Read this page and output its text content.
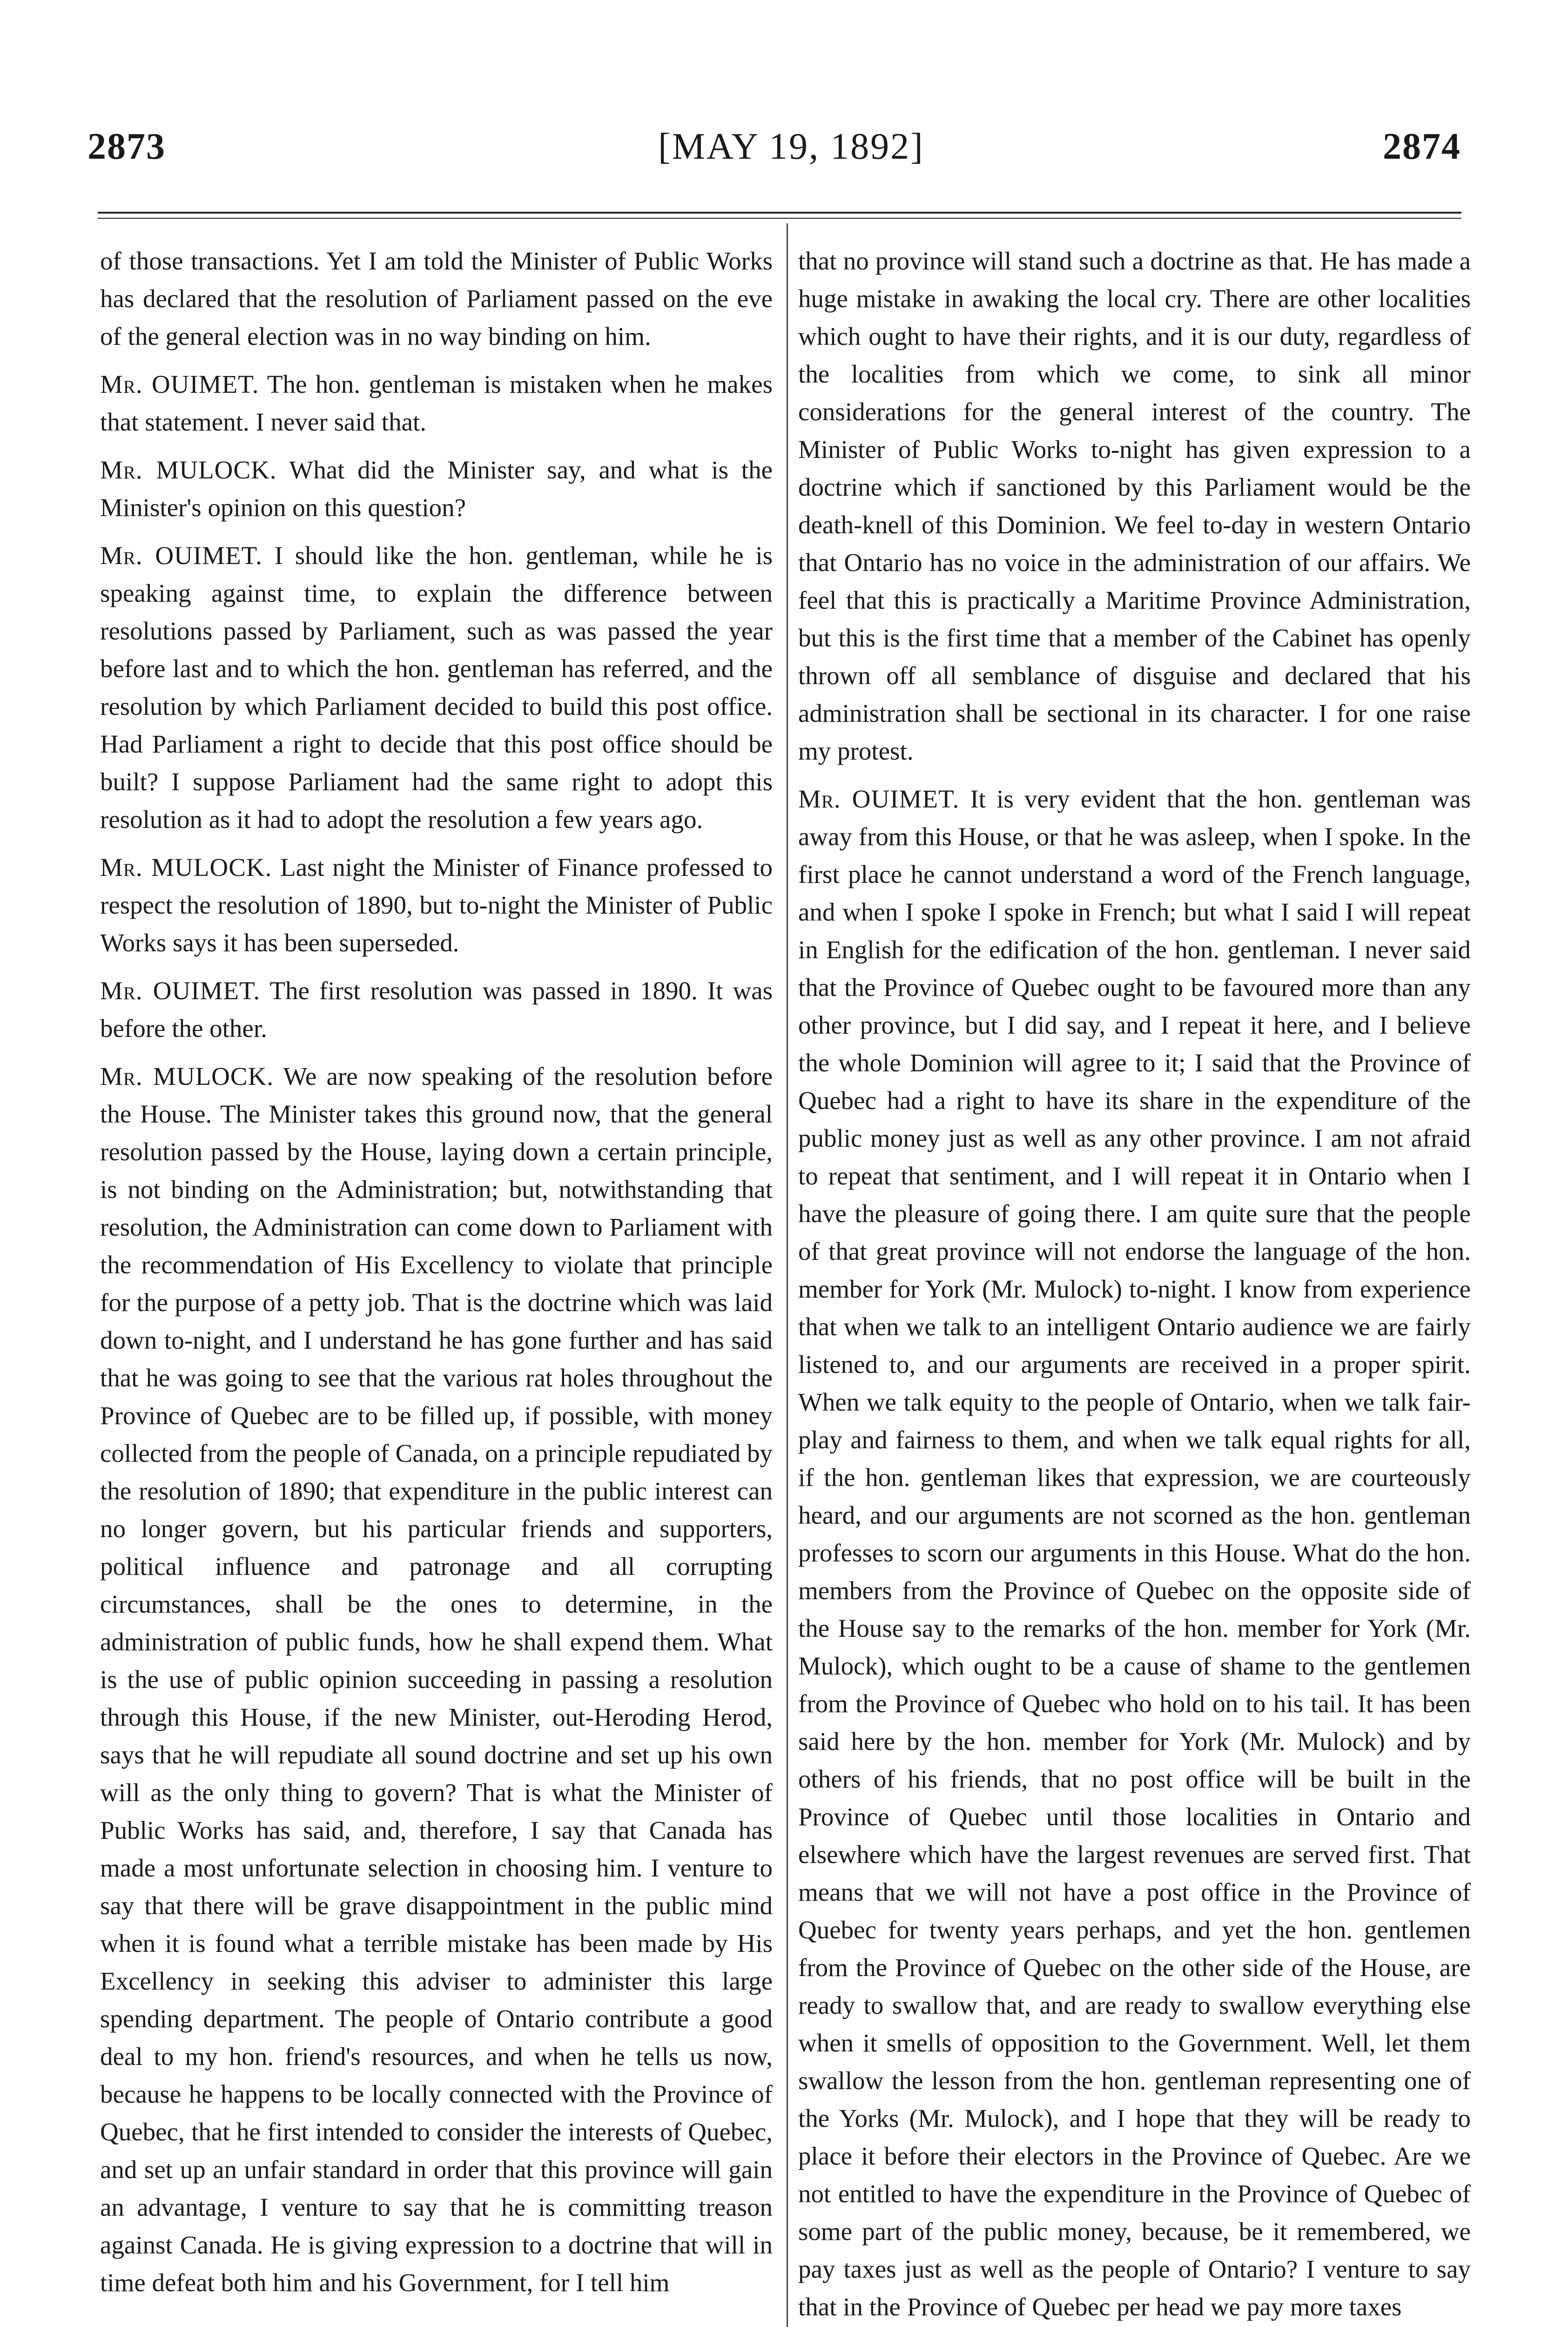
2873	[MAY 19, 1892]	2874

of those transactions. Yet I am told the Minister of Public Works has declared that the resolution of Parliament passed on the eve of the general election was in no way binding on him.

Mr. OUIMET. The hon. gentleman is mistaken when he makes that statement. I never said that.

Mr. MULOCK. What did the Minister say, and what is the Minister's opinion on this question?

Mr. OUIMET. I should like the hon. gentleman, while he is speaking against time, to explain the difference between resolutions passed by Parliament, such as was passed the year before last and to which the hon. gentleman has referred, and the resolution by which Parliament decided to build this post office. Had Parliament a right to decide that this post office should be built? I suppose Parliament had the same right to adopt this resolution as it had to adopt the resolution a few years ago.

Mr. MULOCK. Last night the Minister of Finance professed to respect the resolution of 1890, but to-night the Minister of Public Works says it has been superseded.

Mr. OUIMET. The first resolution was passed in 1890. It was before the other.

Mr. MULOCK. We are now speaking of the resolution before the House. The Minister takes this ground now, that the general resolution passed by the House, laying down a certain principle, is not binding on the Administration; but, notwithstanding that resolution, the Administration can come down to Parliament with the recommendation of His Excellency to violate that principle for the purpose of a petty job. That is the doctrine which was laid down to-night, and I understand he has gone further and has said that he was going to see that the various rat holes throughout the Province of Quebec are to be filled up, if possible, with money collected from the people of Canada, on a principle repudiated by the resolution of 1890; that expenditure in the public interest can no longer govern, but his particular friends and supporters, political influence and patronage and all corrupting circumstances, shall be the ones to determine, in the administration of public funds, how he shall expend them. What is the use of public opinion succeeding in passing a resolution through this House, if the new Minister, out-Heroding Herod, says that he will repudiate all sound doctrine and set up his own will as the only thing to govern? That is what the Minister of Public Works has said, and, therefore, I say that Canada has made a most unfortunate selection in choosing him. I venture to say that there will be grave disappointment in the public mind when it is found what a terrible mistake has been made by His Excellency in seeking this adviser to administer this large spending department. The people of Ontario contribute a good deal to my hon. friend's resources, and when he tells us now, because he happens to be locally connected with the Province of Quebec, that he first intended to consider the interests of Quebec, and set up an unfair standard in order that this province will gain an advantage, I venture to say that he is committing treason against Canada. He is giving expression to a doctrine that will in time defeat both him and his Government, for I tell him

that no province will stand such a doctrine as that. He has made a huge mistake in awaking the local cry. There are other localities which ought to have their rights, and it is our duty, regardless of the localities from which we come, to sink all minor considerations for the general interest of the country. The Minister of Public Works to-night has given expression to a doctrine which if sanctioned by this Parliament would be the death-knell of this Dominion. We feel to-day in western Ontario that Ontario has no voice in the administration of our affairs. We feel that this is practically a Maritime Province Administration, but this is the first time that a member of the Cabinet has openly thrown off all semblance of disguise and declared that his administration shall be sectional in its character. I for one raise my protest.

Mr. OUIMET. It is very evident that the hon. gentleman was away from this House, or that he was asleep, when I spoke. In the first place he cannot understand a word of the French language, and when I spoke I spoke in French; but what I said I will repeat in English for the edification of the hon. gentleman. I never said that the Province of Quebec ought to be favoured more than any other province, but I did say, and I repeat it here, and I believe the whole Dominion will agree to it; I said that the Province of Quebec had a right to have its share in the expenditure of the public money just as well as any other province. I am not afraid to repeat that sentiment, and I will repeat it in Ontario when I have the pleasure of going there. I am quite sure that the people of that great province will not endorse the language of the hon. member for York (Mr. Mulock) to-night. I know from experience that when we talk to an intelligent Ontario audience we are fairly listened to, and our arguments are received in a proper spirit. When we talk equity to the people of Ontario, when we talk fair-play and fairness to them, and when we talk equal rights for all, if the hon. gentleman likes that expression, we are courteously heard, and our arguments are not scorned as the hon. gentleman professes to scorn our arguments in this House. What do the hon. members from the Province of Quebec on the opposite side of the House say to the remarks of the hon. member for York (Mr. Mulock), which ought to be a cause of shame to the gentlemen from the Province of Quebec who hold on to his tail. It has been said here by the hon. member for York (Mr. Mulock) and by others of his friends, that no post office will be built in the Province of Quebec until those localities in Ontario and elsewhere which have the largest revenues are served first. That means that we will not have a post office in the Province of Quebec for twenty years perhaps, and yet the hon. gentlemen from the Province of Quebec on the other side of the House, are ready to swallow that, and are ready to swallow everything else when it smells of opposition to the Government. Well, let them swallow the lesson from the hon. gentleman representing one of the Yorks (Mr. Mulock), and I hope that they will be ready to place it before their electors in the Province of Quebec. Are we not entitled to have the expenditure in the Province of Quebec of some part of the public money, because, be it remembered, we pay taxes just as well as the people of Ontario? I venture to say that in the Province of Quebec per head we pay more taxes
